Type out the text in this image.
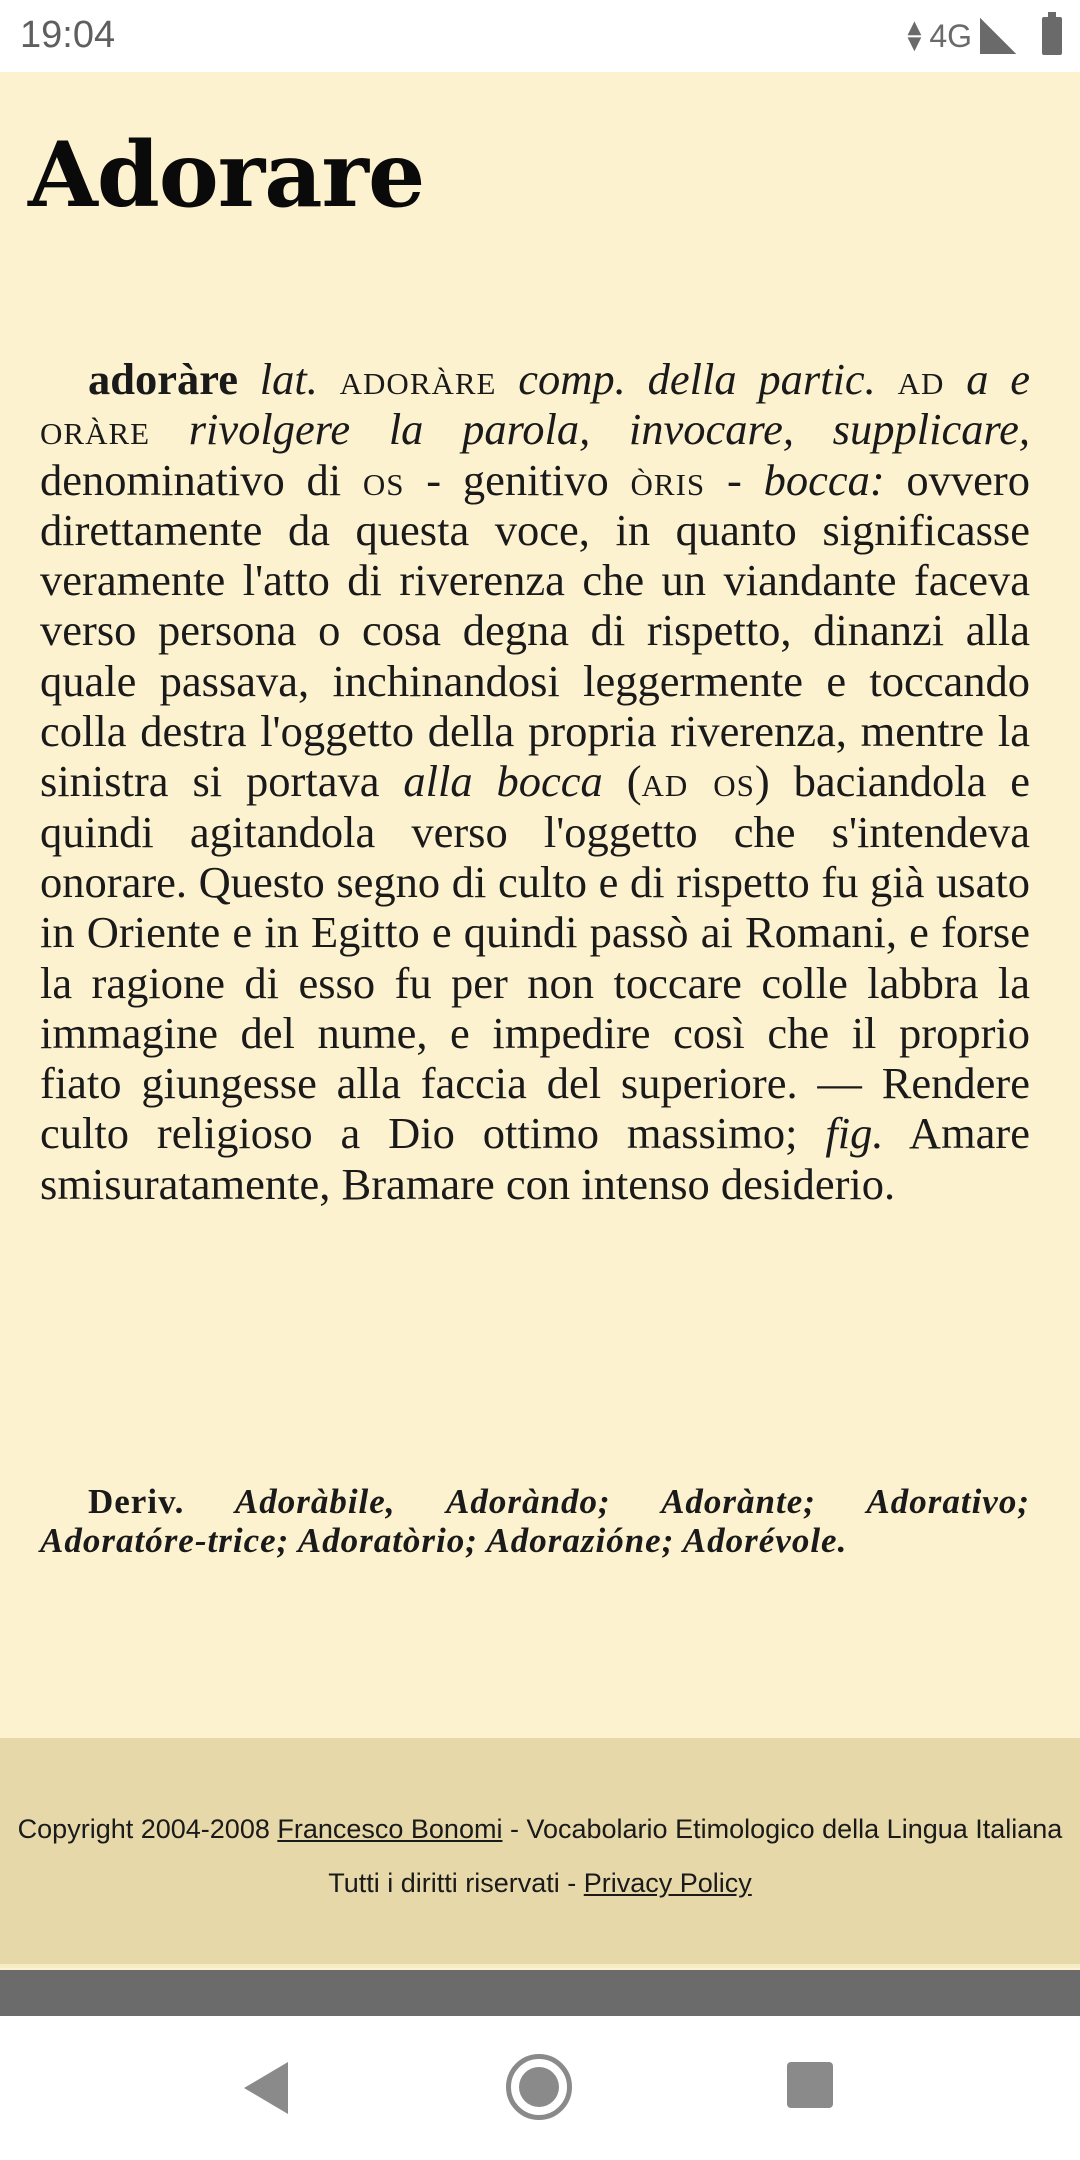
19:04	▲
▼ 4G
Adorare

adoràre lat. adoràre comp. della partic. ad a e oràre rivolgere la parola, invocare, supplicare, denominativo di os - genitivo òris - bocca: ovvero direttamente da questa voce, in quanto significasse veramente l'atto di riverenza che un viandante faceva verso persona o cosa degna di rispetto, dinanzi alla quale passava, inchinandosi leggermente e toccando colla destra l'oggetto della propria riverenza, mentre la sinistra si portava alla bocca (ad os) baciandola e quindi agitandola verso l'oggetto che s'intendeva onorare. Questo segno di culto e di rispetto fu già usato in Oriente e in Egitto e quindi passò ai Romani, e forse la ragione di esso fu per non toccare colle labbra la immagine del nume, e impedire così che il proprio fiato giungesse alla faccia del superiore. — Rendere culto religioso a Dio ottimo massimo; fig. Amare smisuratamente, Bramare con intenso desiderio.

Deriv. Adoràbile, Adoràndo; Adorànte; Adorativo; Adoratóre-trice; Adoratòrio; Adorazióne; Adorévole.

Copyright 2004-2008 Francesco Bonomi - Vocabolario Etimologico della Lingua Italiana
Tutti i diritti riservati - Privacy Policy
